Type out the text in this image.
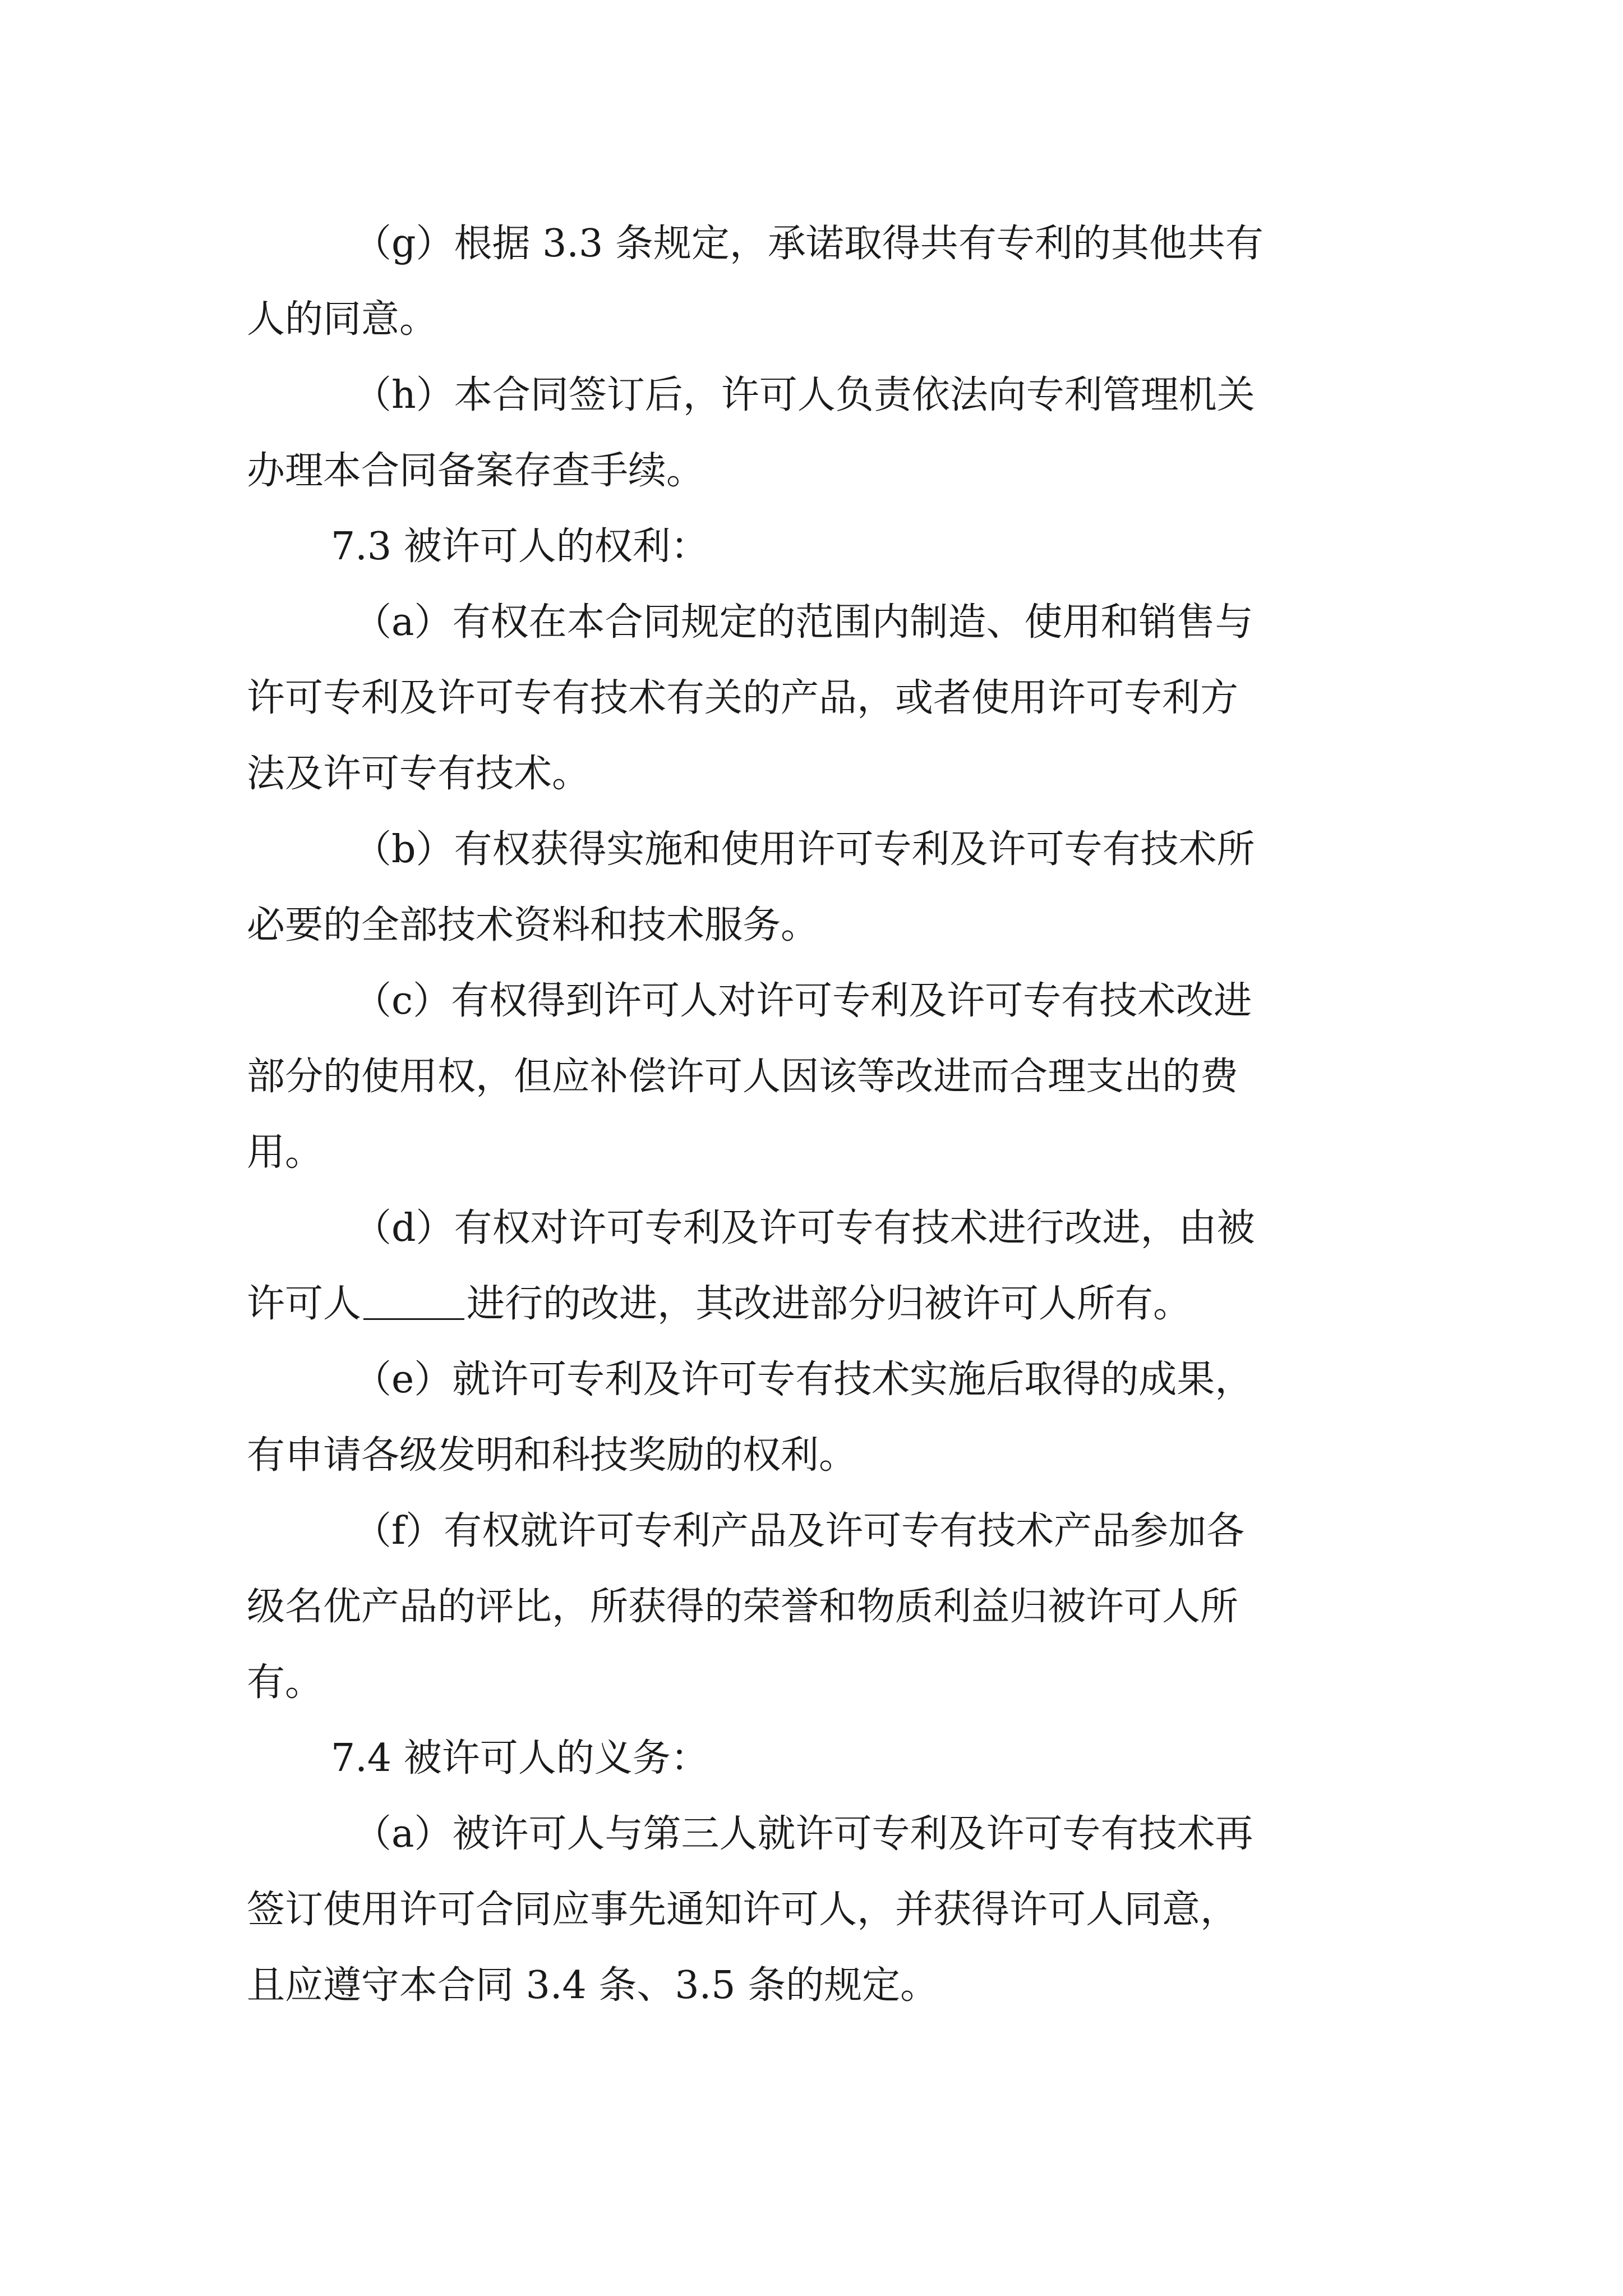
（g）根据 3.3 条规定，承诺取得共有专利的其他共有
人的同意。
（h）本合同签订后，许可人负责依法向专利管理机关
办理本合同备案存查手续。
7.3 被许可人的权利：
（a）有权在本合同规定的范围内制造、使用和销售与
许可专利及许可专有技术有关的产品，或者使用许可专利方
法及许可专有技术。
（b）有权获得实施和使用许可专利及许可专有技术所
必要的全部技术资料和技术服务。
（c）有权得到许可人对许可专利及许可专有技术改进
部分的使用权，但应补偿许可人因该等改进而合理支出的费
用。
（d）有权对许可专利及许可专有技术进行改进，由被
许可人	进行的改进，其改进部分归被许可人所有。
（e）就许可专利及许可专有技术实施后取得的成果，
有申请各级发明和科技奖励的权利。
（f）有权就许可专利产品及许可专有技术产品参加各
级名优产品的评比，所获得的荣誉和物质利益归被许可人所
有。
7.4 被许可人的义务：
（a）被许可人与第三人就许可专利及许可专有技术再
签订使用许可合同应事先通知许可人，并获得许可人同意，
且应遵守本合同 3.4 条、3.5 条的规定。
